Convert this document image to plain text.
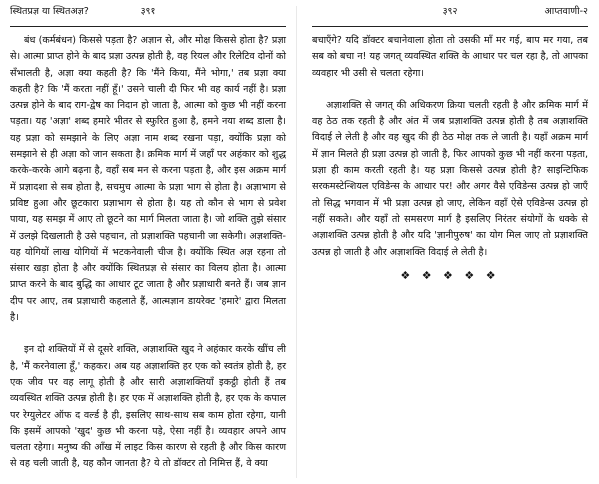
स्थितप्रज्ञ या स्थितअज्ञ?	३९१

बंध (कर्मबंधन) किससे पड़ता है? अज्ञान से, और मोक्ष किससे होता है? प्रज्ञा से। आत्मा प्राप्त होने के बाद प्रज्ञा उत्पन्न होती है, वह रियल और रिलेटिव दोनों को सँभालती है, अज्ञा क्या कहती है? कि 'मैंने किया, मैंने भोगा,' तब प्रज्ञा क्या कहती है? कि 'मैं करता नहीं हूँ।' उसने चाली दी फिर भी वह कार्य नहीं है। प्रज्ञा उत्पन्न होने के बाद राग-द्वेष का निदान हो जाता है, आत्मा को कुछ भी नहीं करना पड़ता। यह 'अज्ञा' शब्द हमारे भीतर से स्फुरित हुआ है, हमने नया शब्द डाला है। यह प्रज्ञा को समझाने के लिए अज्ञा नाम शब्द रखना पड़ा, क्योंकि प्रज्ञा को समझाने से ही अज्ञा को जान सकता है। क्रमिक मार्ग में जहाँ पर अहंकार को शुद्ध करके-करके आगे बढ़ना है, वहाँ सब मन से करना पड़ता है, और इस अक्रम मार्ग में प्रज्ञादशा से सब होता है, सचमुच आत्मा के प्रज्ञा भाग से होता है। अज्ञाभाग से प्रविष्ट हुआ और छूटकारा प्रज्ञाभाग से होता है। यह तो कौन से भाग से प्रवेश पाया, यह समझ में आए तो छूटने का मार्ग मिलता जाता है। जो शक्ति तुझे संसार में उलझे दिखलाती है उसे पहचान, तो प्रज्ञाशक्ति पहचानी जा सकेगी। अज्ञशक्ति-यह योगियों लाख योगियों में भटकनेवाली चीज है। क्योंकि स्थित अज्ञ रहना तो संसार खड़ा होता है और क्योंकि स्थितप्रज्ञ से संसार का विलय होता है। आत्मा प्राप्त करने के बाद बुद्धि का आधार टूट जाता है और प्रज्ञाधारी बनते हैं। जब ज्ञान दीप पर आए, तब प्रज्ञाधारी कहलाते हैं, आत्मज्ञान डायरेक्ट 'हमारे' द्वारा मिलता है।

इन दो शक्तियों में से दूसरे शक्ति, अज्ञाशक्ति खुद ने अहंकार करके खींच ली है, 'मैं करनेवाला हूँ,' कहकर। अब यह अज्ञाशक्ति हर एक को स्वतंत्र होती है, हर एक जीव पर वह लागू होती है और सारी अज्ञाशक्तियाँ इकट्ठी होती हैं तब व्यवस्थित शक्ति उत्पन्न होती है। हर एक में अज्ञाशक्ति होती है, हर एक के कपाल पर रेग्युलेटर ऑफ द वर्ल्ड है ही, इसलिए साथ-साथ सब काम होता रहेगा, यानी कि इसमें आपको 'खुद' कुछ भी करना पड़े, ऐसा नहीं है। व्यवहार अपने आप चलता रहेगा। मनुष्य की आँख में लाइट किस कारण से रहती है और किस कारण से वह चली जाती है, यह कौन जानता है? ये तो डॉक्टर तो निमित्त हैं, वे क्या

३९२	आप्तवाणी-२

बचाएँगे? यदि डॉक्टर बचानेवाला होता तो उसकी माँ मर गई, बाप मर गया, तब सब को बचा न! यह जगत् व्यवस्थित शक्ति के आधार पर चल रहा है, तो आपका व्यवहार भी उसी से चलता रहेगा।

अज्ञाशक्ति से जगत् की अधिकरण क्रिया चलती रहती है और क्रमिक मार्ग में वह ठेठ तक रहती है और अंत में जब प्रज्ञाशक्ति उत्पन्न होती है तब अज्ञाशक्ति विदाई ले लेती है और वह खुद की ही ठेठ मोक्ष तक ले जाती है। यहाँ अक्रम मार्ग में ज्ञान मिलते ही प्रज्ञा उत्पन्न हो जाती है, फिर आपको कुछ भी नहीं करना पड़ता, प्रज्ञा ही काम करती रहती है। यह प्रज्ञा किससे उत्पन्न होती है? साइन्टिफिक सरकमस्टेन्शियल एविडेन्स के आधार पर! और अगर वैसे एविडेन्स उत्पन्न हो जाएँ तो सिद्ध भगवान में भी प्रज्ञा उत्पन्न हो जाए, लेकिन वहाँ ऐसे एविडेन्स उत्पन्न हो नहीं सकते। और यहाँ तो समसरण मार्ग है इसलिए निरंतर संयोगों के धक्के से अज्ञाशक्ति उत्पन्न होती है और यदि 'ज्ञानीपुरुष' का योग मिल जाए तो प्रज्ञाशक्ति उत्पन्न हो जाती है और अज्ञाशक्ति विदाई ले लेती है।

❖ ❖ ❖ ❖ ❖
